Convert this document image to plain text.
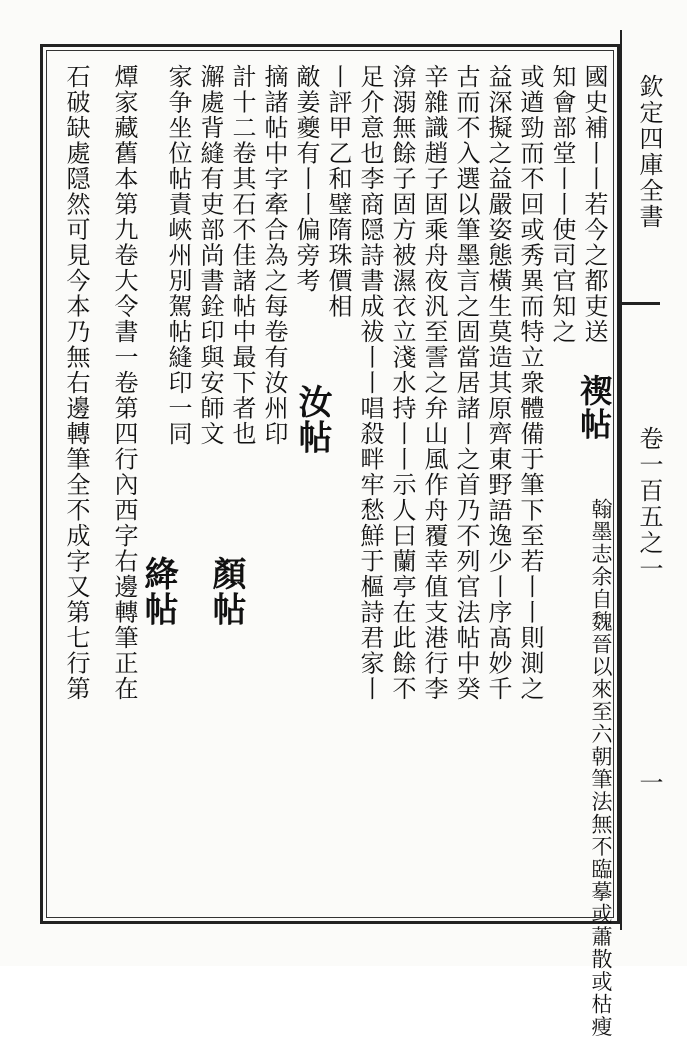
欽定四庫全書
卷一百五之一
一
國史補丨丨若今之都吏送 禊帖
知會部堂丨丨使司官知之
翰墨志余自魏晉以來至六朝筆法無不臨摹或蕭散或枯瘦
或遒勁而不回或秀異而特立衆體備于筆下至若丨丨則測之
益深擬之益嚴姿態橫生莫造其原齊東野語逸少丨序髙妙千
古而不入選以筆墨言之固當居諸丨之首乃不列官法帖中癸
辛雜識趙子固乘舟夜汎至霅之弁山風作舟覆幸值支港行李
渰溺無餘子固方被濕衣立淺水持丨丨示人曰蘭亭在此餘不
足介意也李商隠詩書成祓丨丨唱殺畔牢愁鮮于樞詩君家丨
丨評甲乙和璧隋珠價相
敵姜夔有丨丨偏旁考
汝帖
摘諸帖中字牽合為之每卷有汝州印
計十二卷其石不佳諸帖中最下者也
顏帖
澥處背縫有吏部尚書銓印與安師文
家争坐位帖責峽州別駕帖縫印一同
絳帖
燂家藏舊本第九卷大令書一卷第四行內西字右邊轉筆正在
石破缺處隠然可見今本乃無右邊轉筆全不成字又第七行第
